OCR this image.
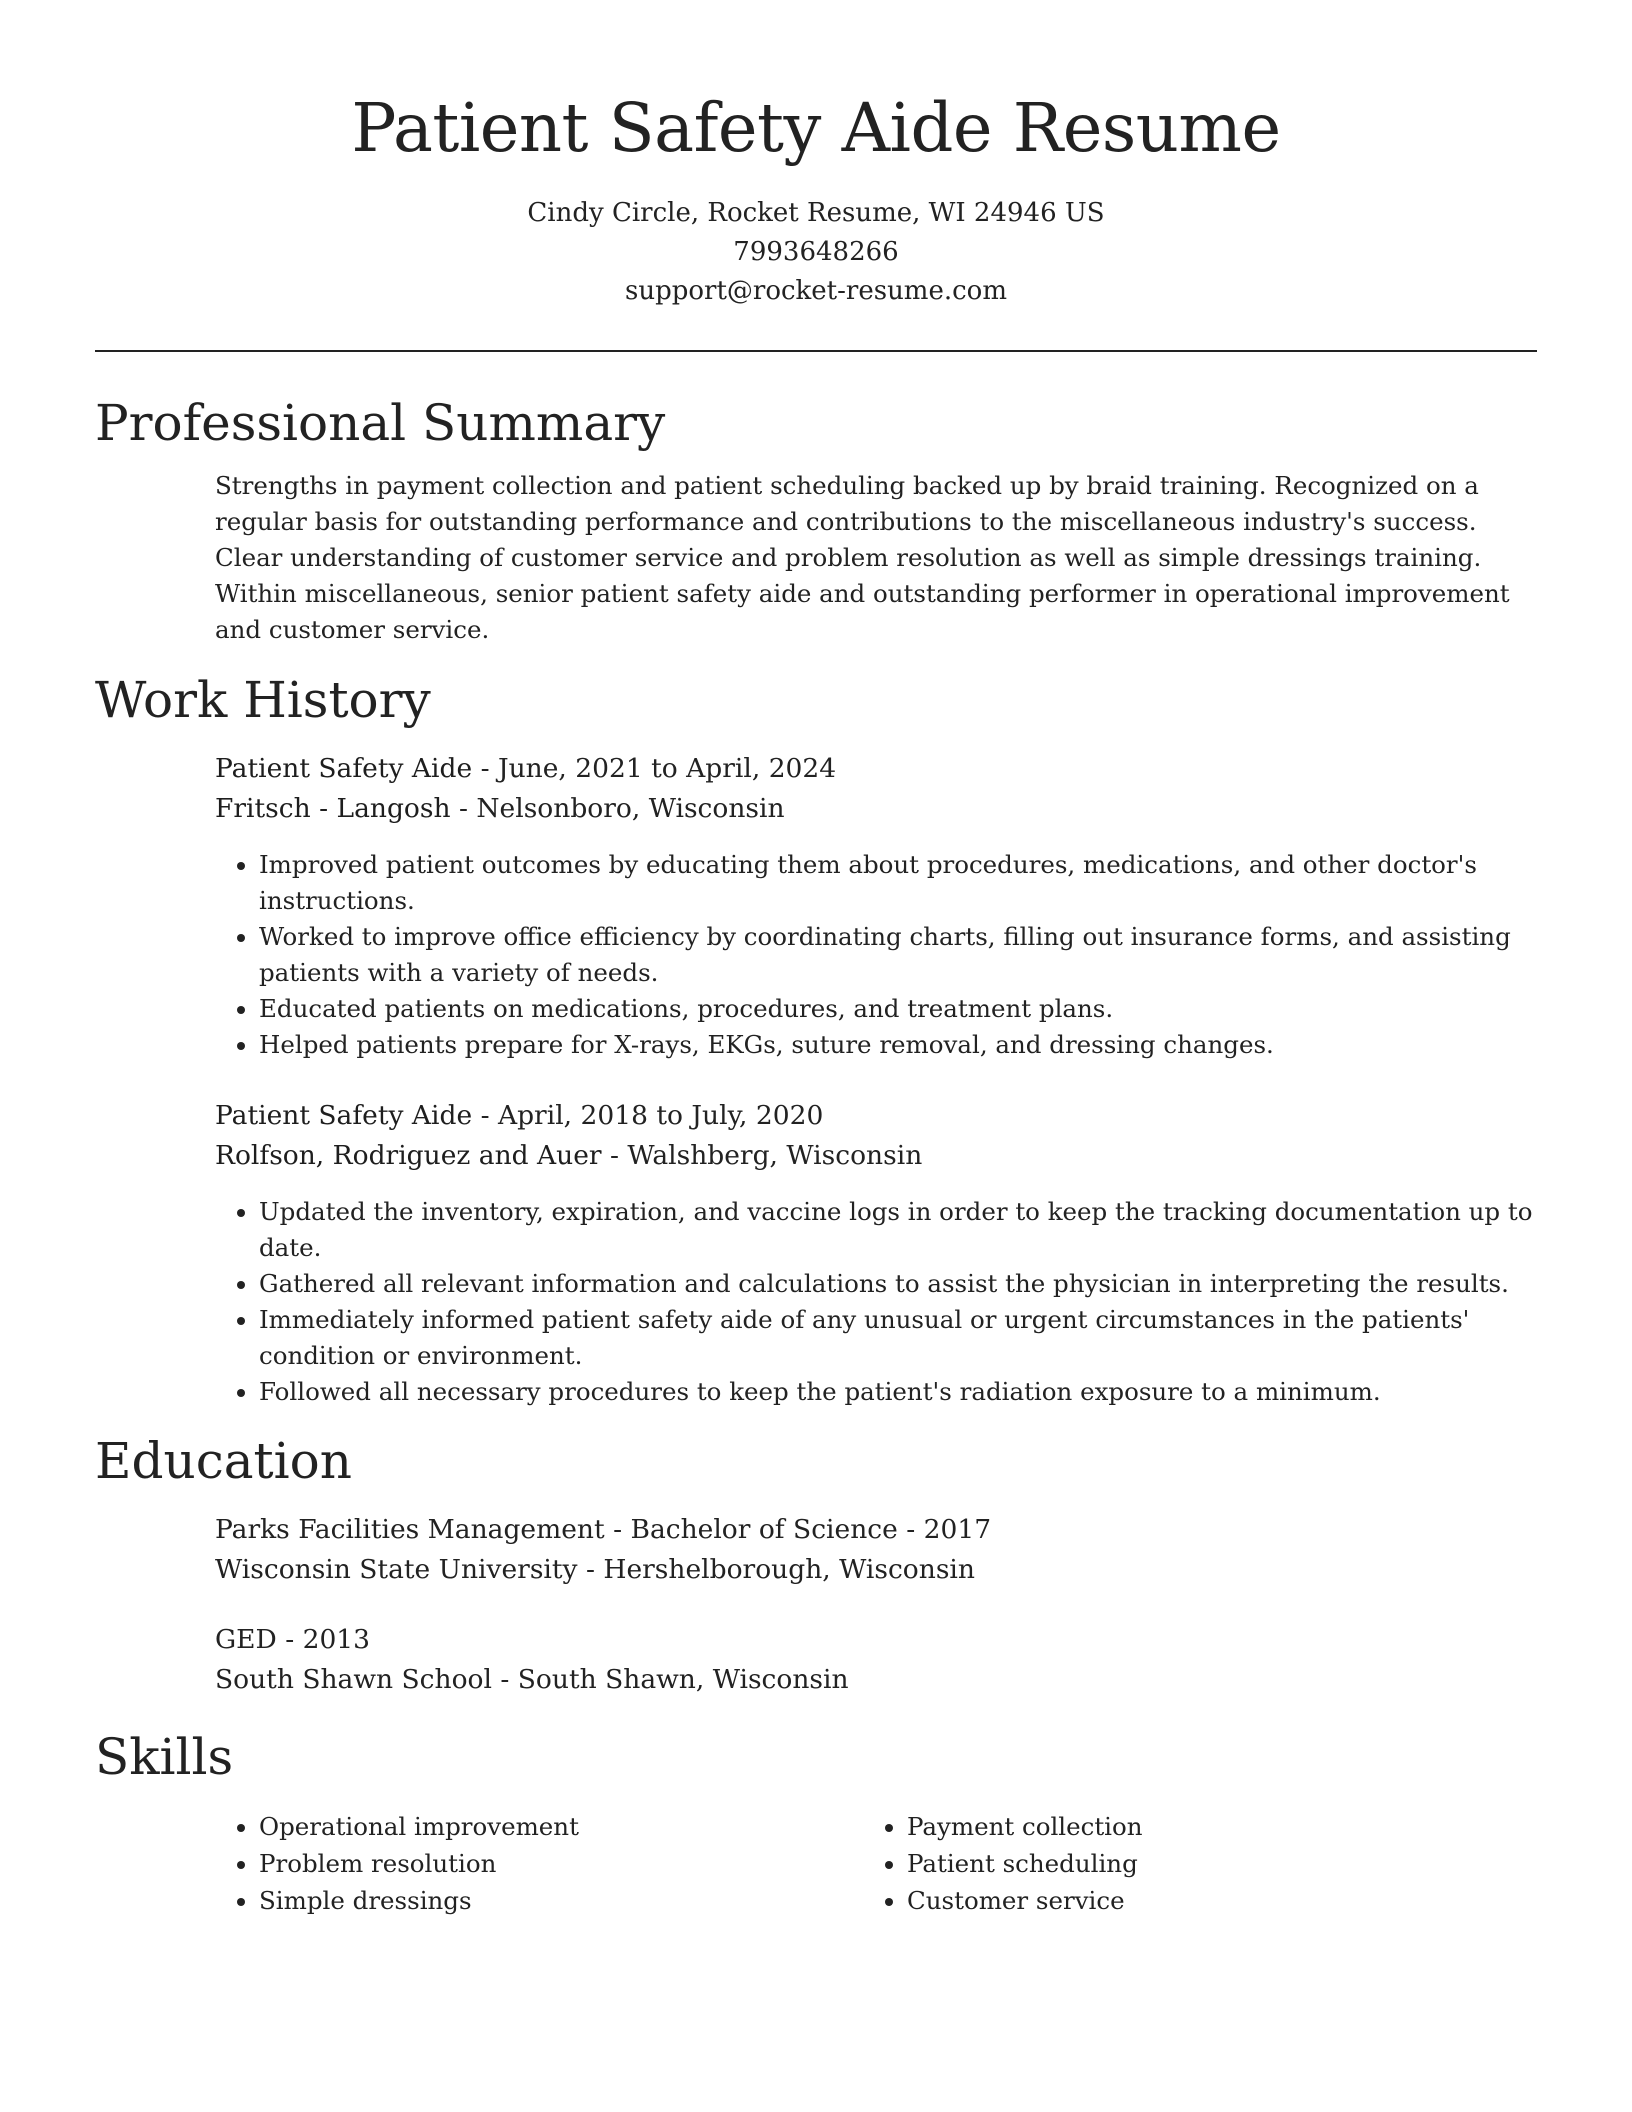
Patient Safety Aide Resume
Cindy Circle, Rocket Resume, WI 24946 US
7993648266
support@rocket-resume.com
Professional Summary

Strengths in payment collection and patient scheduling backed up by braid training. Recognized on a regular basis for outstanding performance and contributions to the miscellaneous industry's success. Clear understanding of customer service and problem resolution as well as simple dressings training. Within miscellaneous, senior patient safety aide and outstanding performer in operational improvement and customer service.

Work History
Patient Safety Aide - June, 2021 to April, 2024
Fritsch - Langosh - Nelsonboro, Wisconsin
• Improved patient outcomes by educating them about procedures, medications, and other doctor's instructions.
• Worked to improve office efficiency by coordinating charts, filling out insurance forms, and assisting patients with a variety of needs.
• Educated patients on medications, procedures, and treatment plans.
• Helped patients prepare for X-rays, EKGs, suture removal, and dressing changes.
Patient Safety Aide - April, 2018 to July, 2020
Rolfson, Rodriguez and Auer - Walshberg, Wisconsin
• Updated the inventory, expiration, and vaccine logs in order to keep the tracking documentation up to date.
• Gathered all relevant information and calculations to assist the physician in interpreting the results.
• Immediately informed patient safety aide of any unusual or urgent circumstances in the patients' condition or environment.
• Followed all necessary procedures to keep the patient's radiation exposure to a minimum.
Education
Parks Facilities Management - Bachelor of Science - 2017
Wisconsin State University - Hershelborough, Wisconsin
GED - 2013
South Shawn School - South Shawn, Wisconsin
Skills
• Operational improvement
• Problem resolution
• Simple dressings
• Payment collection
• Patient scheduling
• Customer service
